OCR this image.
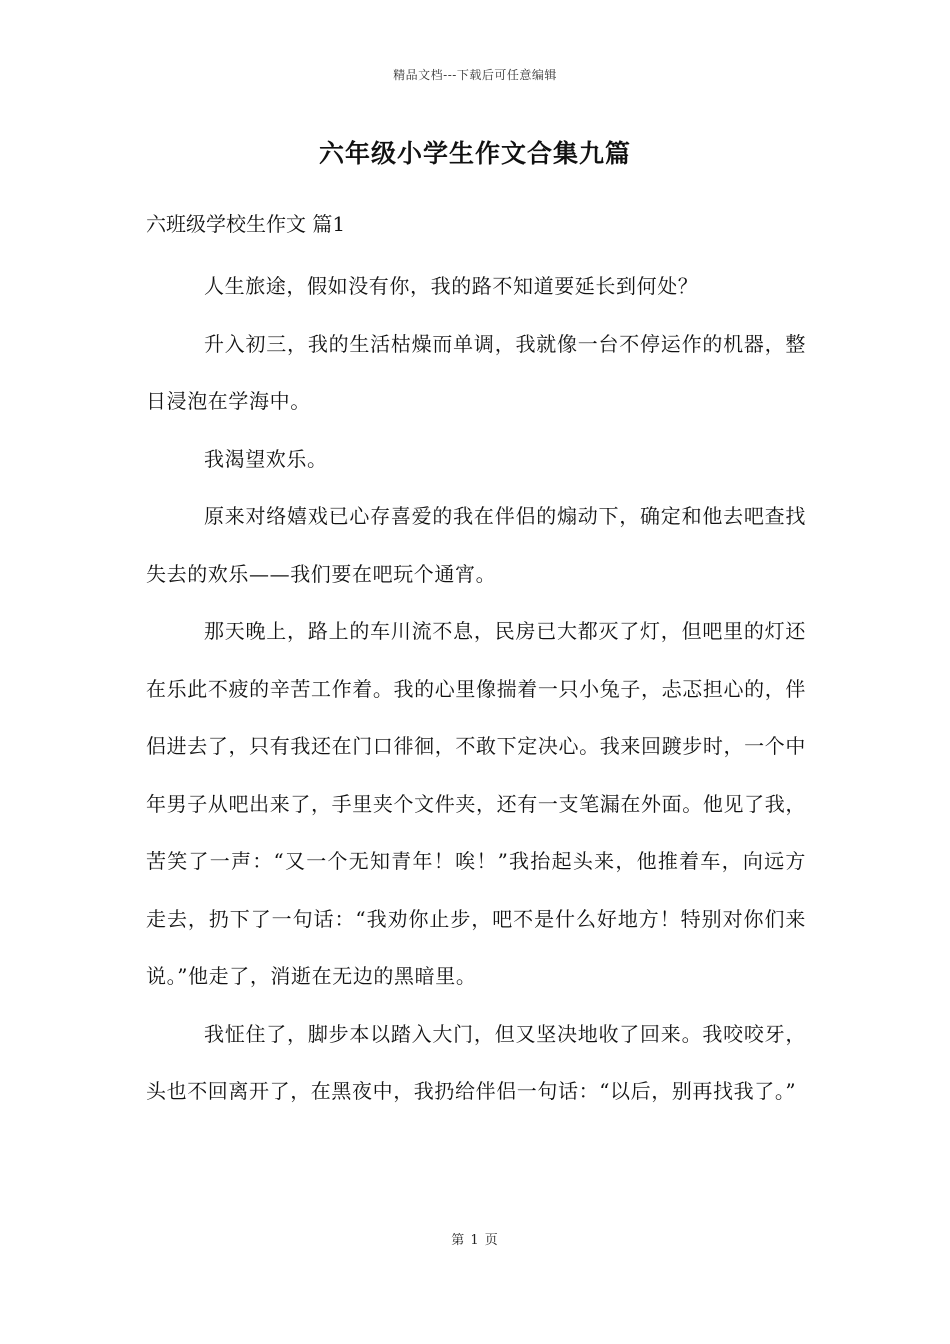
精品文档---下载后可任意编辑
六年级小学生作文合集九篇
六班级学校生作文 篇1

人生旅途，假如没有你，我的路不知道要延长到何处？

升入初三，我的生活枯燥而单调，我就像一台不停运作的机器，整日浸泡在学海中。

我渴望欢乐。

原来对络嬉戏已心存喜爱的我在伴侣的煽动下，确定和他去吧查找失去的欢乐——我们要在吧玩个通宵。

那天晚上，路上的车川流不息，民房已大都灭了灯，但吧里的灯还在乐此不疲的辛苦工作着。我的心里像揣着一只小兔子，忐忑担心的，伴侣进去了，只有我还在门口徘徊，不敢下定决心。我来回踱步时，一个中年男子从吧出来了，手里夹个文件夹，还有一支笔漏在外面。他见了我，苦笑了一声：“又一个无知青年！唉！”我抬起头来，他推着车，向远方走去，扔下了一句话：“我劝你止步，吧不是什么好地方！特别对你们来说。”他走了，消逝在无边的黑暗里。

我怔住了，脚步本以踏入大门，但又坚决地收了回来。我咬咬牙，头也不回离开了，在黑夜中，我扔给伴侣一句话：“以后，别再找我了。”

第 1 页
